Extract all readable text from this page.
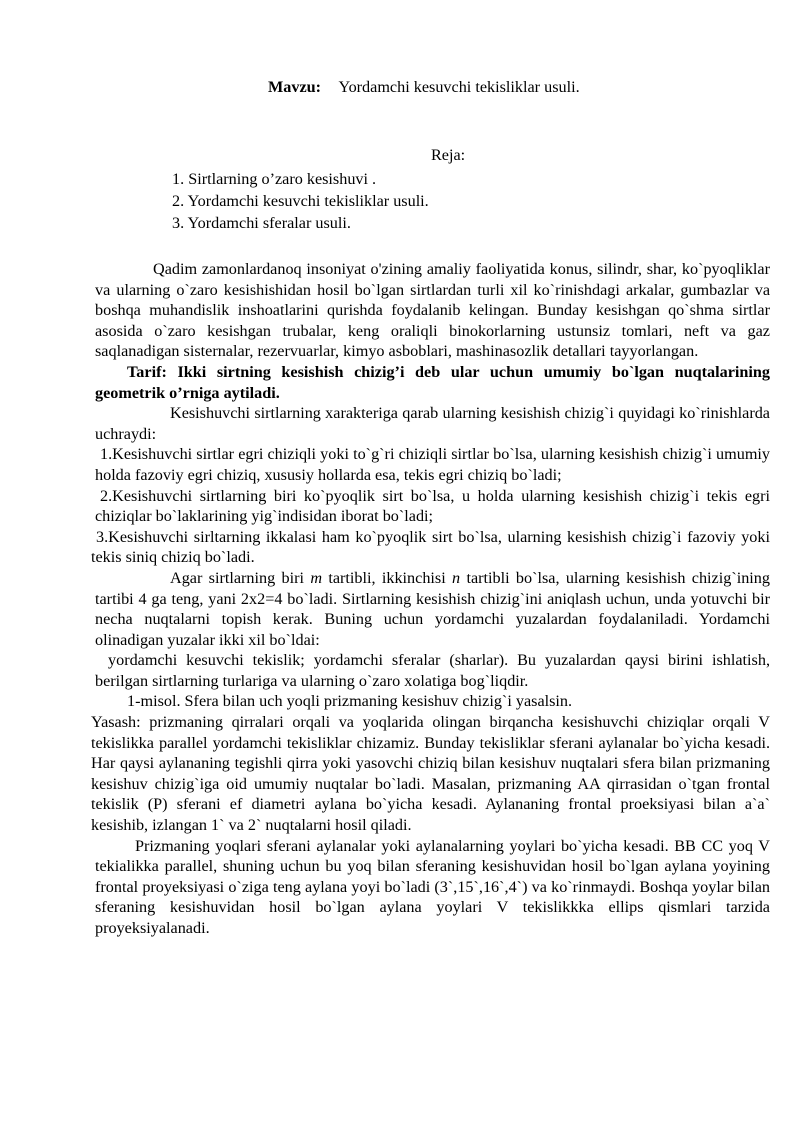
Mavzu: Yordamchi kesuvchi tekisliklar usuli.
Reja:
1. Sirtlarning o’zaro kesishuvi .
2. Yordamchi kesuvchi tekisliklar usuli.
3. Yordamchi sferalar usuli.

Qadim zamonlardanoq insoniyat o'zining amaliy faoliyatida konus, silindr, shar, ko`pyoqliklar va ularning o`zaro kesishishidan hosil bo`lgan sirtlardan turli xil ko`rinishdagi arkalar, gumbazlar va boshqa muhandislik inshoatlarini qurishda foydalanib kelingan. Bunday kesishgan qo`shma sirtlar asosida o`zaro kesishgan trubalar, keng oraliqli binokorlarning ustunsiz tomlari, neft va gaz saqlanadigan sisternalar, rezervuarlar, kimyo asboblari, mashinasozlik detallari tayyorlangan.

Tarif: Ikki sirtning kesishish chizig’i deb ular uchun umumiy bo`lgan nuqtalarining geometrik o’rniga aytiladi.

Kesishuvchi sirtlarning xarakteriga qarab ularning kesishish chizig`i quyidagi ko`rinishlarda uchraydi:

1.Kesishuvchi sirtlar egri chiziqli yoki to`g`ri chiziqli sirtlar bo`lsa, ularning kesishish chizig`i umumiy holda fazoviy egri chiziq, xususiy hollarda esa, tekis egri chiziq bo`ladi;

2.Kesishuvchi sirtlarning biri ko`pyoqlik sirt bo`lsa, u holda ularning kesishish chizig`i tekis egri chiziqlar bo`laklarining yig`indisidan iborat bo`ladi;

3.Kesishuvchi sirltarning ikkalasi ham ko`pyoqlik sirt bo`lsa, ularning kesishish chizig`i fazoviy yoki tekis siniq chiziq bo`ladi.

Agar sirtlarning biri m tartibli, ikkinchisi n tartibli bo`lsa, ularning kesishish chizig`ining tartibi 4 ga teng, yani 2x2=4 bo`ladi. Sirtlarning kesishish chizig`ini aniqlash uchun, unda yotuvchi bir necha nuqtalarni topish kerak. Buning uchun yordamchi yuzalardan foydalaniladi. Yordamchi olinadigan yuzalar ikki xil bo`ldai:

yordamchi kesuvchi tekislik; yordamchi sferalar (sharlar). Bu yuzalardan qaysi birini ishlatish, berilgan sirtlarning turlariga va ularning o`zaro xolatiga bog`liqdir.

1-misol. Sfera bilan uch yoqli prizmaning kesishuv chizig`i yasalsin.

Yasash: prizmaning qirralari orqali va yoqlarida olingan birqancha kesishuvchi chiziqlar orqali V tekislikka parallel yordamchi tekisliklar chizamiz. Bunday tekisliklar sferani aylanalar bo`yicha kesadi. Har qaysi aylananing tegishli qirra yoki yasovchi chiziq bilan kesishuv nuqtalari sfera bilan prizmaning kesishuv chizig`iga oid umumiy nuqtalar bo`ladi. Masalan, prizmaning AA qirrasidan o`tgan frontal tekislik (P) sferani ef diametri aylana bo`yicha kesadi. Aylananing frontal proeksiyasi bilan a`a` kesishib, izlangan 1` va 2` nuqtalarni hosil qiladi.

Prizmaning yoqlari sferani aylanalar yoki aylanalarning yoylari bo`yicha kesadi. BB CC yoq V tekialikka parallel, shuning uchun bu yoq bilan sferaning kesishuvidan hosil bo`lgan aylana yoyining frontal proyeksiyasi o`ziga teng aylana yoyi bo`ladi (3`,15`,16`,4`) va ko`rinmaydi. Boshqa yoylar bilan sferaning kesishuvidan hosil bo`lgan aylana yoylari V tekislikkka ellips qismlari tarzida proyeksiyalanadi.
